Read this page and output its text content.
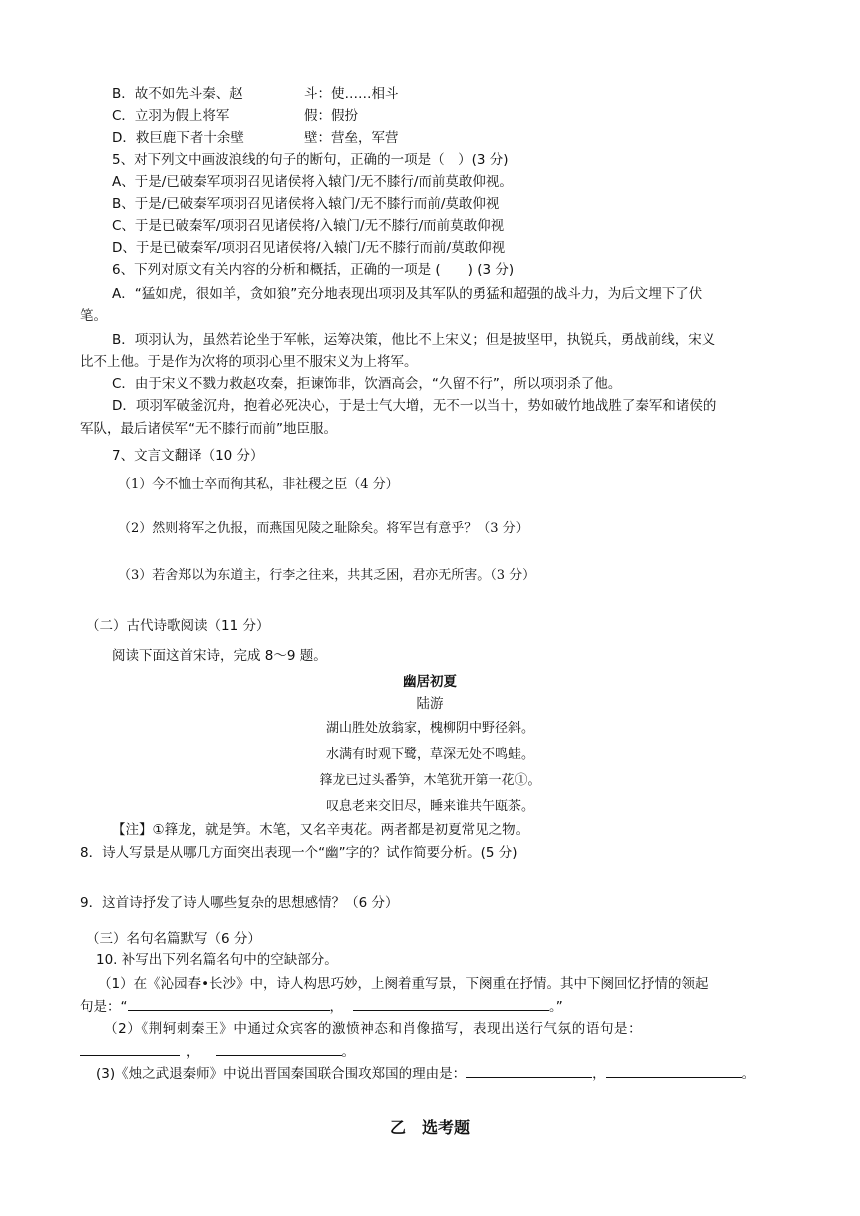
B．故不如先斗秦、赵	斗：使……相斗
C．立羽为假上将军	假：假扮
D．救巨鹿下者十余壁	壁：营垒，军营
5、对下列文中画波浪线的句子的断句，正确的一项是（　）(3 分)
A、于是/已破秦军项羽召见诸侯将入辕门/无不膝行/而前莫敢仰视。
B、于是/已破秦军项羽召见诸侯将入辕门/无不膝行而前/莫敢仰视
C、于是已破秦军/项羽召见诸侯将/入辕门/无不膝行/而前莫敢仰视
D、于是已破秦军/项羽召见诸侯将/入辕门/无不膝行而前/莫敢仰视
6、下列对原文有关内容的分析和概括，正确的一项是 (　　) (3 分)
A．“猛如虎，很如羊，贪如狼”充分地表现出项羽及其军队的勇猛和超强的战斗力，为后文埋下了伏
笔。
B．项羽认为，虽然若论坐于军帐，运筹决策，他比不上宋义；但是披坚甲，执锐兵，勇战前线，宋义
比不上他。于是作为次将的项羽心里不服宋义为上将军。
C．由于宋义不戮力救赵攻秦，拒谏饰非，饮酒高会，“久留不行”，所以项羽杀了他。
D．项羽军破釜沉舟，抱着必死决心，于是士气大增，无不一以当十，势如破竹地战胜了秦军和诸侯的
军队，最后诸侯军“无不膝行而前”地臣服。
7、文言文翻译（10 分）
（1）今不恤士卒而徇其私，非社稷之臣（4 分）
（2）然则将军之仇报，而燕国见陵之耻除矣。将军岂有意乎？（3 分）
（3）若舍郑以为东道主，行李之往来，共其乏困，君亦无所害。（3 分）
（二）古代诗歌阅读（11 分）
阅读下面这首宋诗，完成 8～9 题。
幽居初夏
陆游
湖山胜处放翁家，槐柳阴中野径斜。
水满有时观下鹭，草深无处不鸣蛙。
箨龙已过头番笋，木笔犹开第一花①。
叹息老来交旧尽，睡来谁共午瓯茶。
【注】①箨龙，就是笋。木笔，又名辛夷花。两者都是初夏常见之物。
8．诗人写景是从哪几方面突出表现一个“幽”字的？试作简要分析。(5 分)
9．这首诗抒发了诗人哪些复杂的思想感情？（6 分）
（三）名句名篇默写（6 分）
10. 补写出下列名篇名句中的空缺部分。
（1）在《沁园春•长沙》中，诗人构思巧妙，上阕着重写景，下阕重在抒情。其中下阕回忆抒情的领起
句是：“	，	。”
（2）《荆轲刺秦王》中通过众宾客的激愤神态和肖像描写，表现出送行气氛的语句是：
，	。
(3)《烛之武退秦师》中说出晋国秦国联合围攻郑国的理由是：	，	。
乙　选考题
